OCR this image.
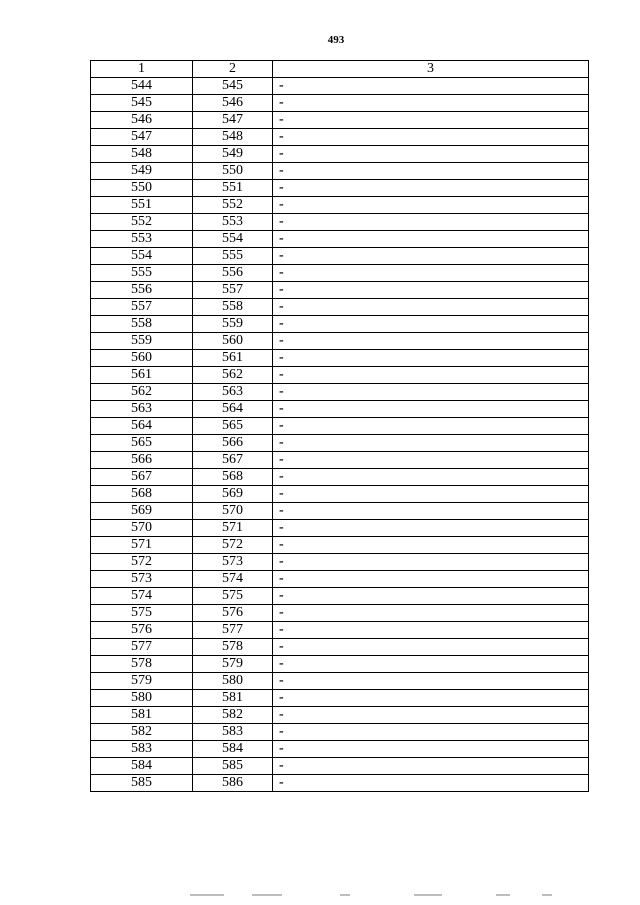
493
1	2	3
544	545	-
545	546	-
546	547	-
547	548	-
548	549	-
549	550	-
550	551	-
551	552	-
552	553	-
553	554	-
554	555	-
555	556	-
556	557	-
557	558	-
558	559	-
559	560	-
560	561	-
561	562	-
562	563	-
563	564	-
564	565	-
565	566	-
566	567	-
567	568	-
568	569	-
569	570	-
570	571	-
571	572	-
572	573	-
573	574	-
574	575	-
575	576	-
576	577	-
577	578	-
578	579	-
579	580	-
580	581	-
581	582	-
582	583	-
583	584	-
584	585	-
585	586	-
